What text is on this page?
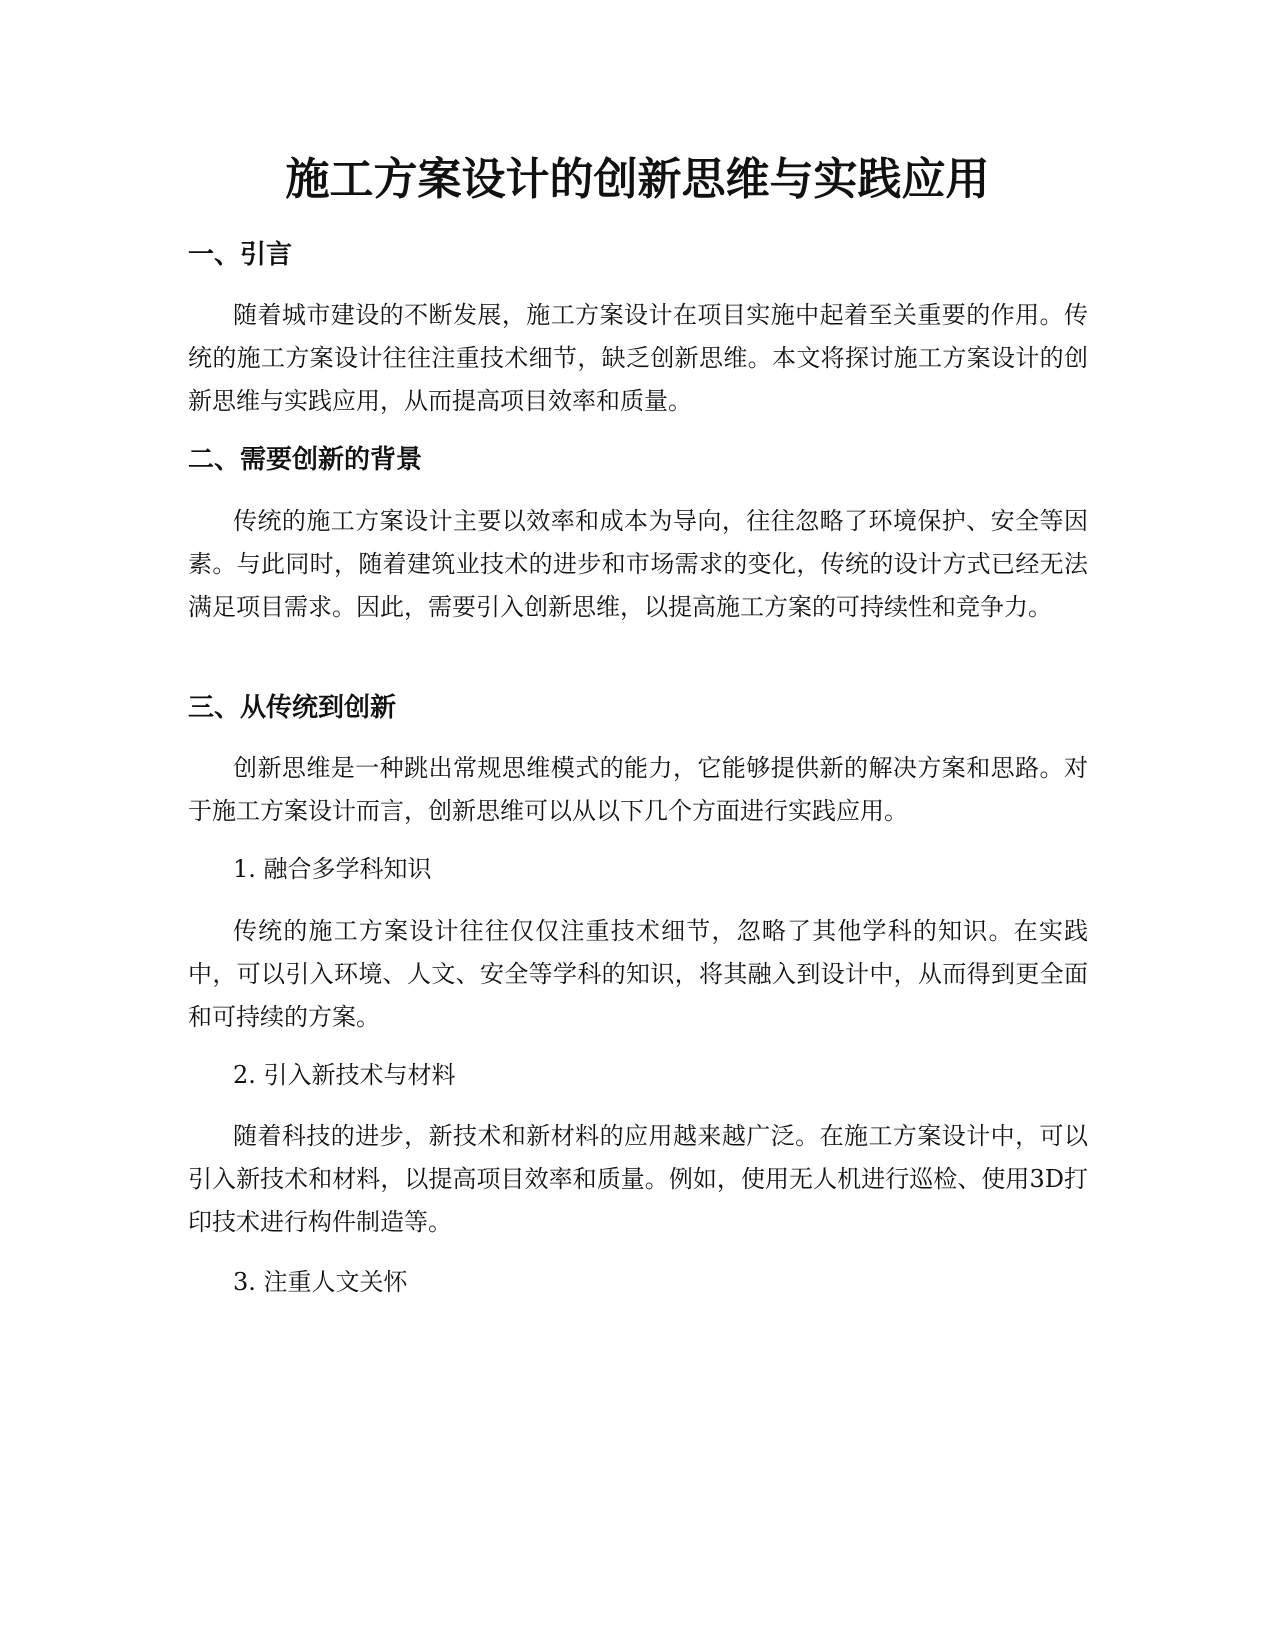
施工方案设计的创新思维与实践应用
一、引言

随着城市建设的不断发展，施工方案设计在项目实施中起着至关重要的作用。传统的施工方案设计往往注重技术细节，缺乏创新思维。本文将探讨施工方案设计的创新思维与实践应用，从而提高项目效率和质量。

二、需要创新的背景

传统的施工方案设计主要以效率和成本为导向，往往忽略了环境保护、安全等因素。与此同时，随着建筑业技术的进步和市场需求的变化，传统的设计方式已经无法满足项目需求。因此，需要引入创新思维，以提高施工方案的可持续性和竞争力。

三、从传统到创新

创新思维是一种跳出常规思维模式的能力，它能够提供新的解决方案和思路。对于施工方案设计而言，创新思维可以从以下几个方面进行实践应用。

1. 融合多学科知识

传统的施工方案设计往往仅仅注重技术细节，忽略了其他学科的知识。在实践中，可以引入环境、人文、安全等学科的知识，将其融入到设计中，从而得到更全面和可持续的方案。

2. 引入新技术与材料

随着科技的进步，新技术和新材料的应用越来越广泛。在施工方案设计中，可以引入新技术和材料，以提高项目效率和质量。例如，使用无人机进行巡检、使用3D打印技术进行构件制造等。

3. 注重人文关怀
